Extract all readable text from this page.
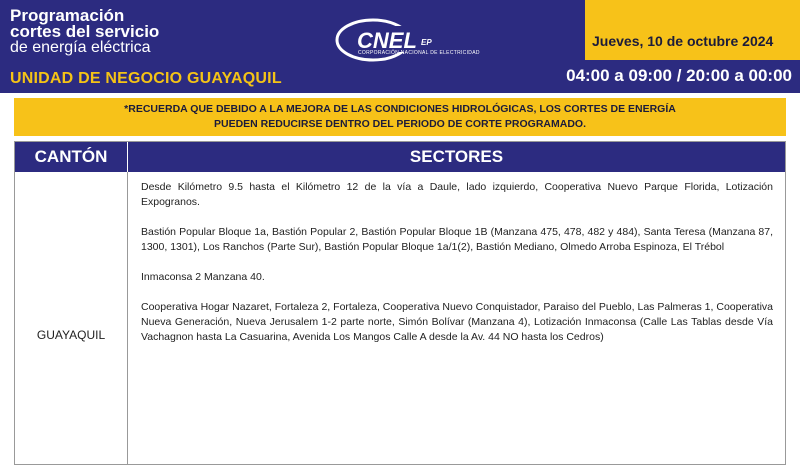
Programación
cortes del servicio
de energía eléctrica
UNIDAD DE NEGOCIO GUAYAQUIL
CNEL EP
CORPORACIÓN NACIONAL DE ELECTRICIDAD
Jueves, 10 de octubre 2024
04:00 a 09:00 / 20:00 a 00:00
*RECUERDA QUE DEBIDO A LA MEJORA DE LAS CONDICIONES HIDROLÓGICAS, LOS CORTES DE ENERGÍA
PUEDEN REDUCIRSE DENTRO DEL PERIODO DE CORTE PROGRAMADO.
CANTÓN	SECTORES
GUAYAQUIL

Desde Kilómetro 9.5 hasta el Kilómetro 12 de la vía a Daule, lado izquierdo, Cooperativa Nuevo Parque Florida, Lotización Expogranos.

Bastión Popular Bloque 1a, Bastión Popular 2, Bastión Popular Bloque 1B (Manzana 475, 478, 482 y 484), Santa Teresa (Manzana 87, 1300, 1301), Los Ranchos (Parte Sur), Bastión Popular Bloque 1a/1(2), Bastión Mediano, Olmedo Arroba Espinoza, El Trébol

Inmaconsa 2 Manzana 40.

Cooperativa Hogar Nazaret, Fortaleza 2, Fortaleza, Cooperativa Nuevo Conquistador, Paraiso del Pueblo, Las Palmeras 1, Cooperativa Nueva Generación, Nueva Jerusalem 1-2 parte norte, Simón Bolívar (Manzana 4), Lotización Inmaconsa (Calle Las Tablas desde Vía Vachagnon hasta La Casuarina, Avenida Los Mangos Calle A desde la Av. 44 NO hasta los Cedros)
